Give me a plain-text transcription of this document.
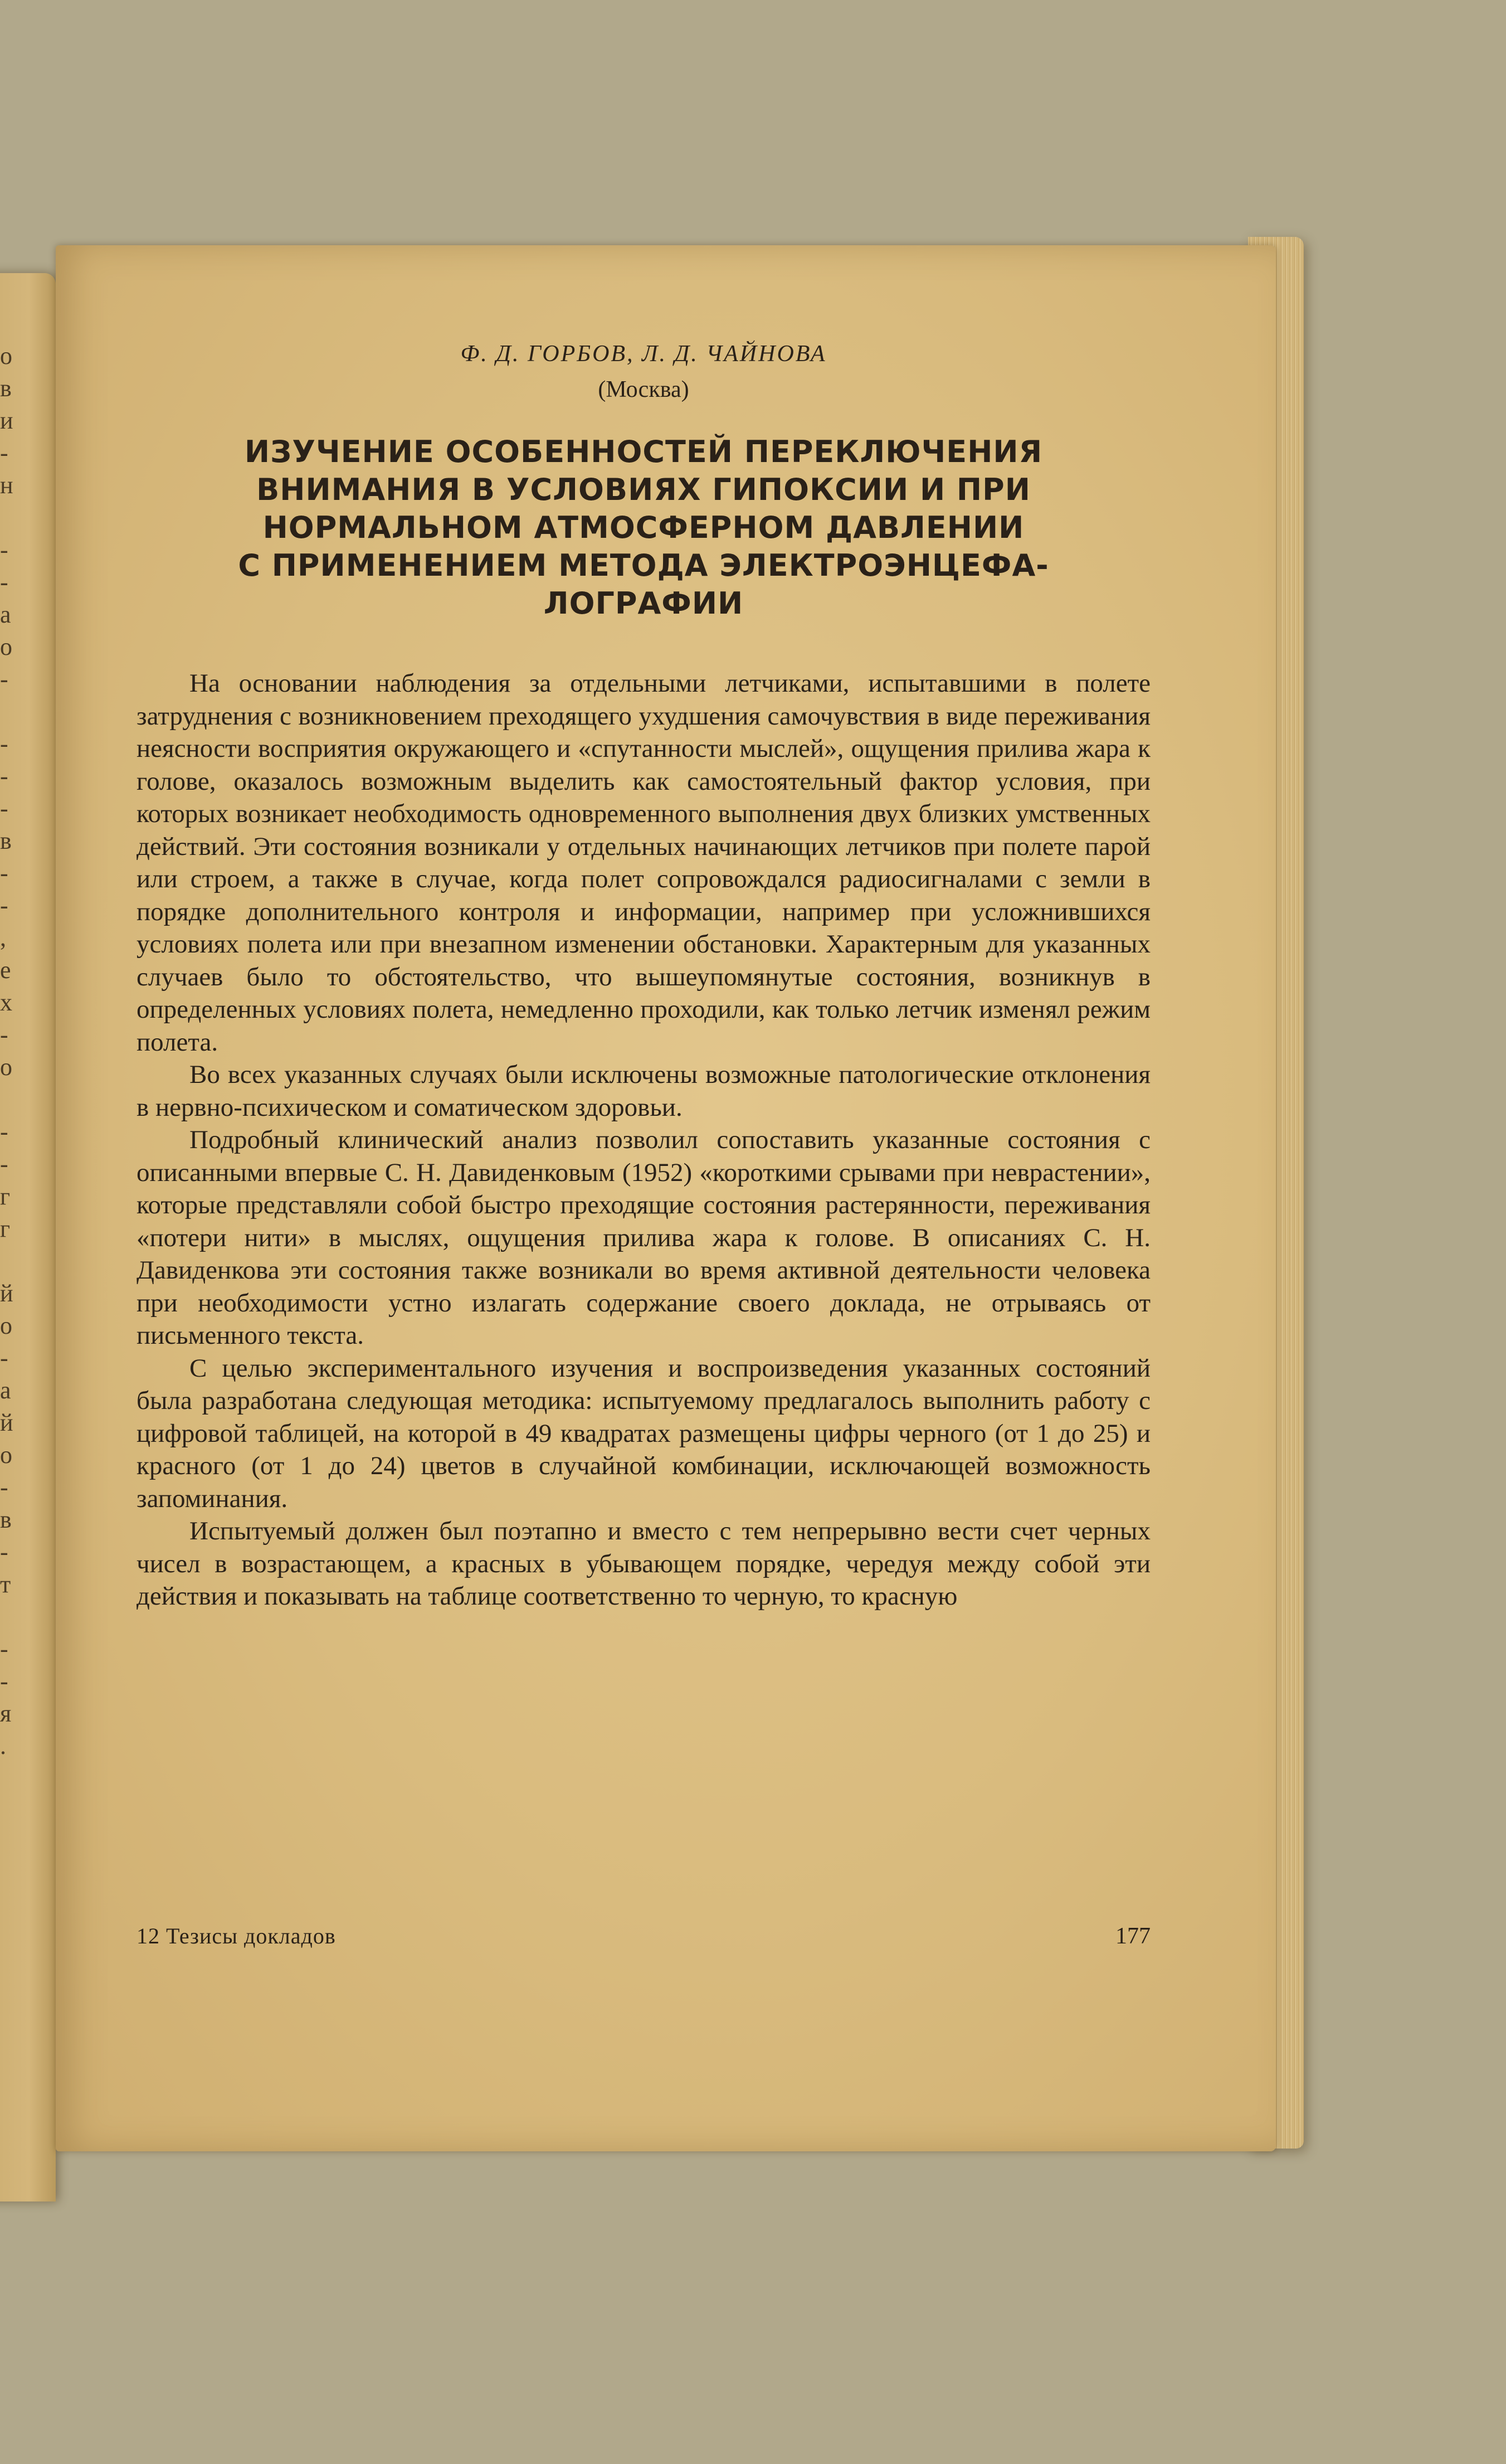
о
в
и
-
н
-
-
а
о
-
-
-
-
в
-
-
,
е
х
-
о
-
-
г
г
й
о
-
а
й
о
-
в
-
т
-
-
я
.

Ф. Д. ГОРБОВ, Л. Д. ЧАЙНОВА

(Москва)

ИЗУЧЕНИЕ ОСОБЕННОСТЕЙ ПЕРЕКЛЮЧЕНИЯ
ВНИМАНИЯ В УСЛОВИЯХ ГИПОКСИИ И ПРИ
НОРМАЛЬНОМ АТМОСФЕРНОМ ДАВЛЕНИИ
С ПРИМЕНЕНИЕМ МЕТОДА ЭЛЕКТРОЭНЦЕФА-
ЛОГРАФИИ

На основании наблюдения за отдельными летчиками, испытавшими в полете затруднения с возникновением преходящего ухудшения самочувствия в виде переживания неясности восприятия окружающего и «спутанности мыслей», ощущения прилива жара к голове, оказалось возможным выделить как самостоятельный фактор условия, при которых возникает необходимость одновременного выполнения двух близких умственных действий. Эти состояния возникали у отдельных начинающих летчиков при полете парой или строем, а также в случае, когда полет сопровождался радиосигналами с земли в порядке дополнительного контроля и информации, например при усложнившихся условиях полета или при внезапном изменении обстановки. Характерным для указанных случаев было то обстоятельство, что вышеупомянутые состояния, возникнув в определенных условиях полета, немедленно проходили, как только летчик изменял режим полета.

Во всех указанных случаях были исключены возможные патологические отклонения в нервно-психическом и соматическом здоровьи.

Подробный клинический анализ позволил сопоставить указанные состояния с описанными впервые С. Н. Давиденковым (1952) «короткими срывами при неврастении», которые представляли собой быстро преходящие состояния растерянности, переживания «потери нити» в мыслях, ощущения прилива жара к голове. В описаниях С. Н. Давиденкова эти состояния также возникали во время активной деятельности человека при необходимости устно излагать содержание своего доклада, не отрываясь от письменного текста.

С целью экспериментального изучения и воспроизведения указанных состояний была разработана следующая методика: испытуемому предлагалось выполнить работу с цифровой таблицей, на которой в 49 квадратах размещены цифры черного (от 1 до 25) и красного (от 1 до 24) цветов в случайной комбинации, исключающей возможность запоминания.

Испытуемый должен был поэтапно и вместо с тем непрерывно вести счет черных чисел в возрастающем, а красных в убывающем порядке, чередуя между собой эти действия и показывать на таблице соответственно то черную, то красную

12 Тезисы докладов	177
